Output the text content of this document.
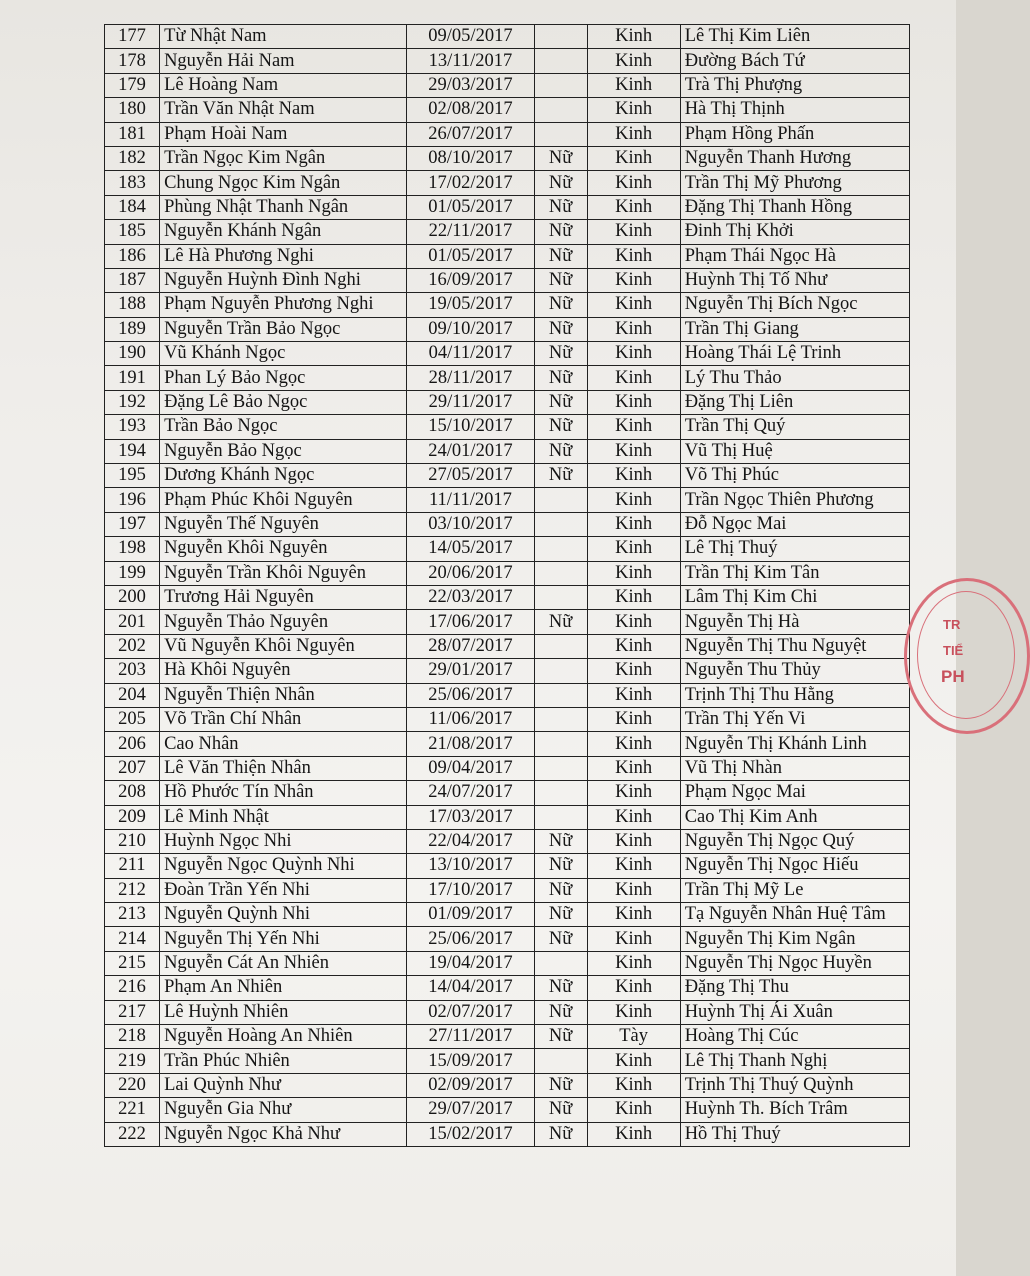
177	Từ Nhật Nam	09/05/2017		Kinh	Lê Thị Kim Liên
178	Nguyễn Hải Nam	13/11/2017		Kinh	Đường Bách Tứ
179	Lê Hoàng Nam	29/03/2017		Kinh	Trà Thị Phượng
180	Trần Văn Nhật Nam	02/08/2017		Kinh	Hà Thị Thịnh
181	Phạm Hoài Nam	26/07/2017		Kinh	Phạm Hồng Phấn
182	Trần Ngọc Kim Ngân	08/10/2017	Nữ	Kinh	Nguyễn Thanh Hương
183	Chung Ngọc Kim Ngân	17/02/2017	Nữ	Kinh	Trần Thị Mỹ Phương
184	Phùng Nhật Thanh Ngân	01/05/2017	Nữ	Kinh	Đặng Thị Thanh Hồng
185	Nguyễn Khánh Ngân	22/11/2017	Nữ	Kinh	Đinh Thị Khởi
186	Lê Hà Phương Nghi	01/05/2017	Nữ	Kinh	Phạm Thái Ngọc Hà
187	Nguyễn Huỳnh Đình Nghi	16/09/2017	Nữ	Kinh	Huỳnh Thị Tố Như
188	Phạm Nguyễn Phương Nghi	19/05/2017	Nữ	Kinh	Nguyễn Thị Bích Ngọc
189	Nguyễn Trần Bảo Ngọc	09/10/2017	Nữ	Kinh	Trần Thị Giang
190	Vũ Khánh Ngọc	04/11/2017	Nữ	Kinh	Hoàng Thái Lệ Trinh
191	Phan Lý Bảo Ngọc	28/11/2017	Nữ	Kinh	Lý Thu Thảo
192	Đặng Lê Bảo Ngọc	29/11/2017	Nữ	Kinh	Đặng Thị Liên
193	Trần Bảo Ngọc	15/10/2017	Nữ	Kinh	Trần Thị Quý
194	Nguyễn Bảo Ngọc	24/01/2017	Nữ	Kinh	Vũ Thị Huệ
195	Dương Khánh Ngọc	27/05/2017	Nữ	Kinh	Võ Thị Phúc
196	Phạm Phúc Khôi Nguyên	11/11/2017		Kinh	Trần Ngọc Thiên Phương
197	Nguyễn Thế Nguyên	03/10/2017		Kinh	Đỗ Ngọc Mai
198	Nguyễn Khôi Nguyên	14/05/2017		Kinh	Lê Thị Thuý
199	Nguyễn Trần Khôi Nguyên	20/06/2017		Kinh	Trần Thị Kim Tân
200	Trương Hải Nguyên	22/03/2017		Kinh	Lâm Thị Kim Chi
201	Nguyễn Thảo Nguyên	17/06/2017	Nữ	Kinh	Nguyễn Thị Hà
202	Vũ Nguyễn Khôi Nguyên	28/07/2017		Kinh	Nguyễn Thị Thu Nguyệt
203	Hà Khôi Nguyên	29/01/2017		Kinh	Nguyễn Thu Thủy
204	Nguyễn Thiện Nhân	25/06/2017		Kinh	Trịnh Thị Thu Hằng
205	Võ Trần Chí Nhân	11/06/2017		Kinh	Trần Thị Yến Vi
206	Cao Nhân	21/08/2017		Kinh	Nguyễn Thị Khánh Linh
207	Lê Văn Thiện Nhân	09/04/2017		Kinh	Vũ Thị Nhàn
208	Hồ Phước Tín Nhân	24/07/2017		Kinh	Phạm Ngọc Mai
209	Lê Minh Nhật	17/03/2017		Kinh	Cao Thị Kim Anh
210	Huỳnh Ngọc Nhi	22/04/2017	Nữ	Kinh	Nguyễn Thị Ngọc Quý
211	Nguyễn Ngọc Quỳnh Nhi	13/10/2017	Nữ	Kinh	Nguyễn Thị Ngọc Hiếu
212	Đoàn Trần Yến Nhi	17/10/2017	Nữ	Kinh	Trần Thị Mỹ Le
213	Nguyễn Quỳnh Nhi	01/09/2017	Nữ	Kinh	Tạ Nguyễn Nhân Huệ Tâm
214	Nguyễn Thị Yến Nhi	25/06/2017	Nữ	Kinh	Nguyễn Thị Kim Ngân
215	Nguyễn Cát An Nhiên	19/04/2017		Kinh	Nguyễn Thị Ngọc Huyền
216	Phạm An Nhiên	14/04/2017	Nữ	Kinh	Đặng Thị Thu
217	Lê Huỳnh Nhiên	02/07/2017	Nữ	Kinh	Huỳnh Thị Ái Xuân
218	Nguyễn Hoàng An Nhiên	27/11/2017	Nữ	Tày	Hoàng Thị Cúc
219	Trần Phúc Nhiên	15/09/2017		Kinh	Lê Thị Thanh Nghị
220	Lai Quỳnh Như	02/09/2017	Nữ	Kinh	Trịnh Thị Thuý Quỳnh
221	Nguyễn Gia Như	29/07/2017	Nữ	Kinh	Huỳnh Th. Bích Trâm
222	Nguyễn Ngọc Khả Như	15/02/2017	Nữ	Kinh	Hồ Thị Thuý
TR
TIỂ
PH
